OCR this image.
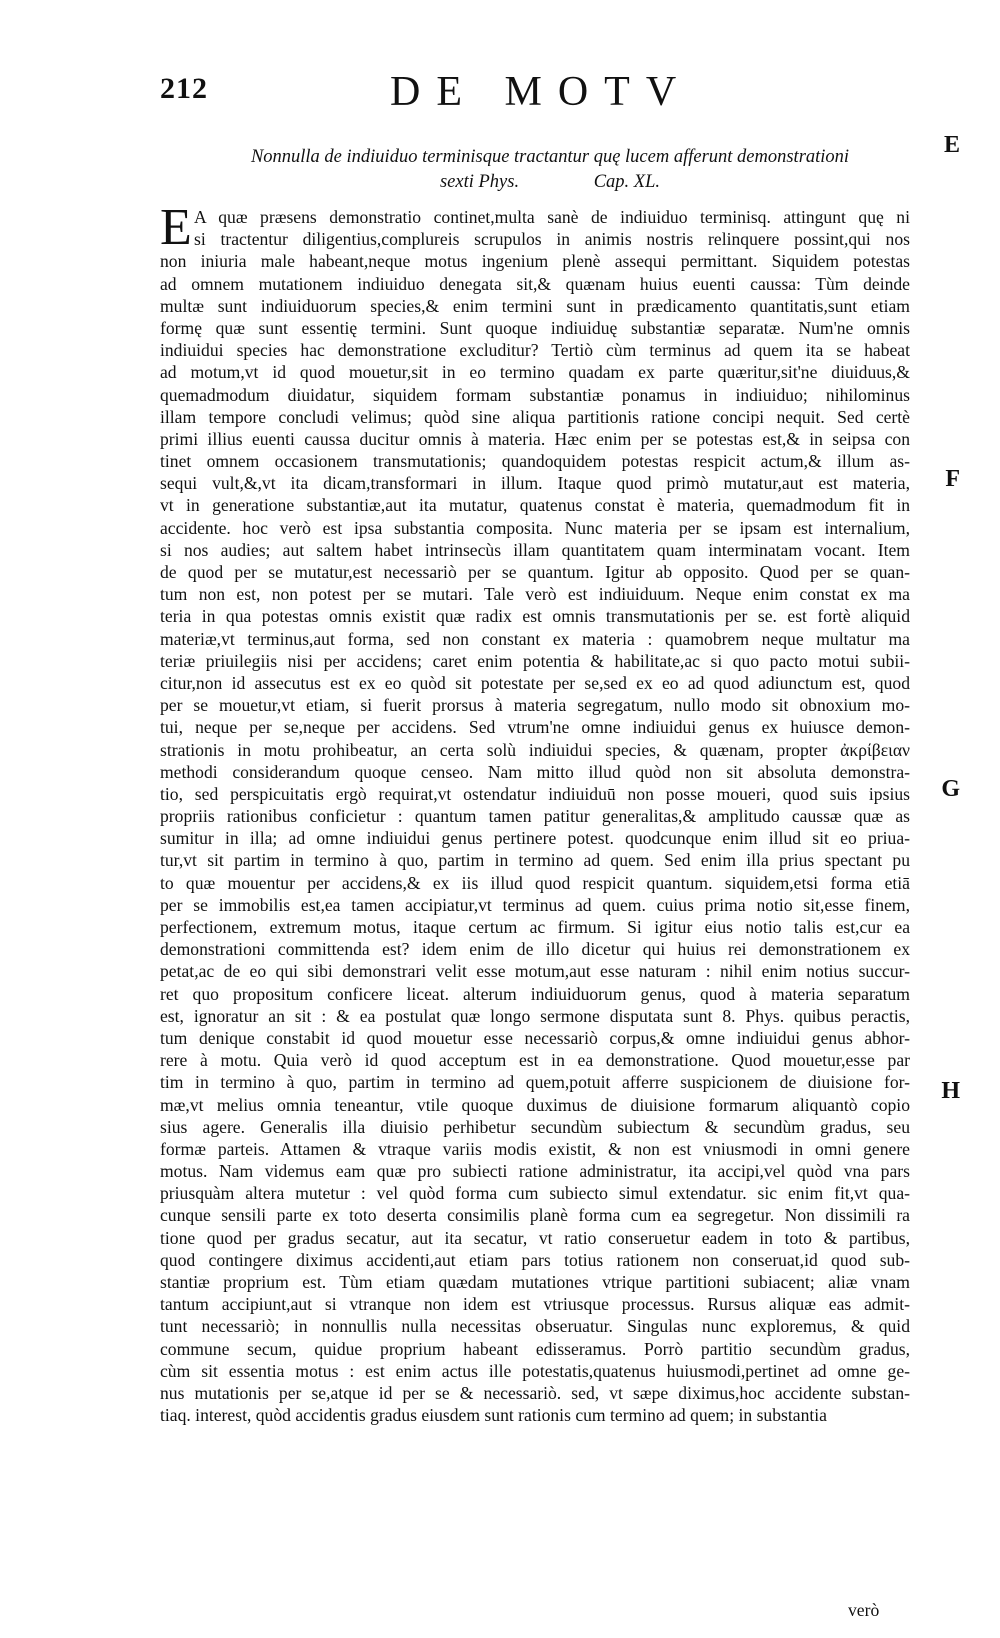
212	DE MOTV
Nonnulla de indiuiduo terminisque tractantur quę lucem afferunt demonstrationi
sexti Phys.	Cap. XL.
E A quæ præsens demonstratio continet,multa sanè de indiuiduo terminisq. attingunt quę ni
si tractentur diligentius,complureis scrupulos in animis nostris relinquere possint,qui nos
non iniuria male habeant,neque motus ingenium plenè assequi permittant. Siquidem potestas
ad omnem mutationem indiuiduo denegata sit,& quænam huius euenti caussa: Tùm deinde
multæ sunt indiuiduorum species,& enim termini sunt in prædicamento quantitatis,sunt etiam
formę quæ sunt essentię termini. Sunt quoque indiuiduę substantiæ separatæ. Num'ne omnis
indiuidui species hac demonstratione excluditur? Tertiò cùm terminus ad quem ita se habeat
ad motum,vt id quod mouetur,sit in eo termino quadam ex parte quæritur,sit'ne diuiduus,&
quemadmodum diuidatur, siquidem formam substantiæ ponamus in indiuiduo; nihilominus
illam tempore concludi velimus; quòd sine aliqua partitionis ratione concipi nequit. Sed certè
primi illius euenti caussa ducitur omnis à materia. Hæc enim per se potestas est,& in seipsa con
tinet omnem occasionem transmutationis; quandoquidem potestas respicit actum,& illum as-
sequi vult,&,vt ita dicam,transformari in illum. Itaque quod primò mutatur,aut est materia,
vt in generatione substantiæ,aut ita mutatur, quatenus constat è materia, quemadmodum fit in
accidente. hoc verò est ipsa substantia composita. Nunc materia per se ipsam est internalium,
si nos audies; aut saltem habet intrinsecùs illam quantitatem quam interminatam vocant. Item
de quod per se mutatur,est necessariò per se quantum. Igitur ab opposito. Quod per se quan-
tum non est, non potest per se mutari. Tale verò est indiuiduum. Neque enim constat ex ma
teria in qua potestas omnis existit quæ radix est omnis transmutationis per se. est fortè aliquid
materiæ,vt terminus,aut forma, sed non constant ex materia : quamobrem neque multatur ma
teriæ priuilegiis nisi per accidens; caret enim potentia & habilitate,ac si quo pacto motui subii-
citur,non id assecutus est ex eo quòd sit potestate per se,sed ex eo ad quod adiunctum est, quod
per se mouetur,vt etiam, si fuerit prorsus à materia segregatum, nullo modo sit obnoxium mo-
tui, neque per se,neque per accidens. Sed vtrum'ne omne indiuidui genus ex huiusce demon-
strationis in motu prohibeatur, an certa solù indiuidui species, & quænam, propter ἀκρίβειαν
methodi considerandum quoque censeo. Nam mitto illud quòd non sit absoluta demonstra-
tio, sed perspicuitatis ergò requirat,vt ostendatur indiuiduū non posse moueri, quod suis ipsius
propriis rationibus conficietur : quantum tamen patitur generalitas,& amplitudo caussæ quæ as
sumitur in illa; ad omne indiuidui genus pertinere potest. quodcunque enim illud sit eo priua-
tur,vt sit partim in termino à quo, partim in termino ad quem. Sed enim illa prius spectant pu
to quæ mouentur per accidens,& ex iis illud quod respicit quantum. siquidem,etsi forma etiā
per se immobilis est,ea tamen accipiatur,vt terminus ad quem. cuius prima notio sit,esse finem,
perfectionem, extremum motus, itaque certum ac firmum. Si igitur eius notio talis est,cur ea
demonstrationi committenda est? idem enim de illo dicetur qui huius rei demonstrationem ex
petat,ac de eo qui sibi demonstrari velit esse motum,aut esse naturam : nihil enim notius succur-
ret quo propositum conficere liceat. alterum indiuiduorum genus, quod à materia separatum
est, ignoratur an sit : & ea postulat quæ longo sermone disputata sunt 8. Phys. quibus peractis,
tum denique constabit id quod mouetur esse necessariò corpus,& omne indiuidui genus abhor-
rere à motu. Quia verò id quod acceptum est in ea demonstratione. Quod mouetur,esse par
tim in termino à quo, partim in termino ad quem,potuit afferre suspicionem de diuisione for-
mæ,vt melius omnia teneantur, vtile quoque duximus de diuisione formarum aliquantò copio
sius agere. Generalis illa diuisio perhibetur secundùm subiectum & secundùm gradus, seu
formæ parteis. Attamen & vtraque variis modis existit, & non est vniusmodi in omni genere
motus. Nam videmus eam quæ pro subiecti ratione administratur, ita accipi,vel quòd vna pars
priusquàm altera mutetur : vel quòd forma cum subiecto simul extendatur. sic enim fit,vt qua-
cunque sensili parte ex toto deserta consimilis planè forma cum ea segregetur. Non dissimili ra
tione quod per gradus secatur, aut ita secatur, vt ratio conseruetur eadem in toto & partibus,
quod contingere diximus accidenti,aut etiam pars totius rationem non conseruat,id quod sub-
stantiæ proprium est. Tùm etiam quædam mutationes vtrique partitioni subiacent; aliæ vnam
tantum accipiunt,aut si vtranque non idem est vtriusque processus. Rursus aliquæ eas admit-
tunt necessariò; in nonnullis nulla necessitas obseruatur. Singulas nunc exploremus, & quid
commune secum, quidue proprium habeant edisseramus. Porrò partitio secundùm gradus,
cùm sit essentia motus : est enim actus ille potestatis,quatenus huiusmodi,pertinet ad omne ge-
nus mutationis per se,atque id per se & necessariò. sed, vt sæpe diximus,hoc accidente substan-
tiaq. interest, quòd accidentis gradus eiusdem sunt rationis cum termino ad quem; in substantia
E
F
G
H
verò
